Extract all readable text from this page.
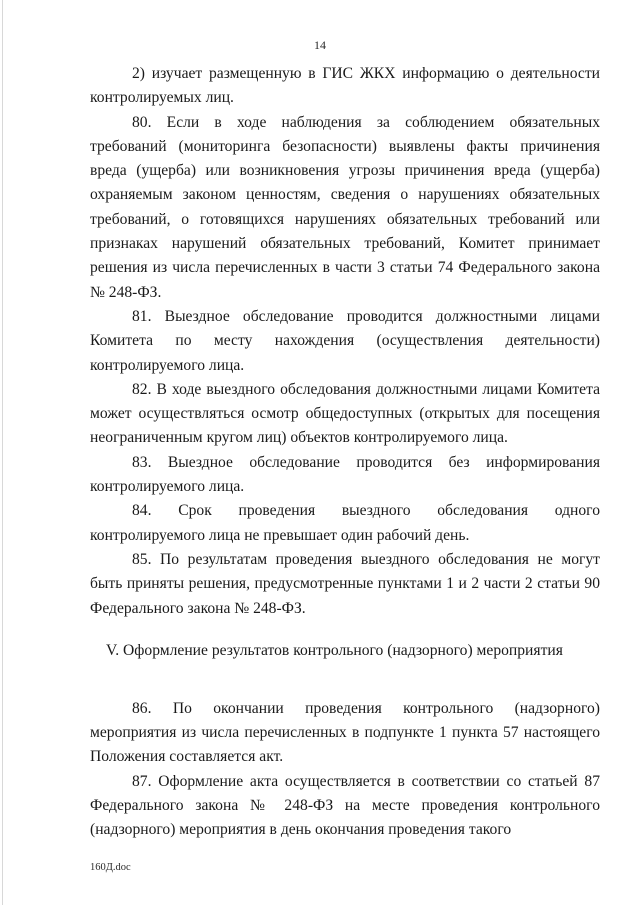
14

2) изучает размещенную в ГИС ЖКХ информацию о деятельности контролируемых лиц.

80. Если в ходе наблюдения за соблюдением обязательных требований (мониторинга безопасности) выявлены факты причинения вреда (ущерба) или возникновения угрозы причинения вреда (ущерба) охраняемым законом ценностям, сведения о нарушениях обязательных требований, о готовящихся нарушениях обязательных требований или признаках нарушений обязательных требований, Комитет принимает решения из числа перечисленных в части 3 статьи 74 Федерального закона № 248-ФЗ.

81. Выездное обследование проводится должностными лицами Комитета по месту нахождения (осуществления деятельности) контролируемого лица.

82. В ходе выездного обследования должностными лицами Комитета может осуществляться осмотр общедоступных (открытых для посещения неограниченным кругом лиц) объектов контролируемого лица.

83. Выездное обследование проводится без информирования контролируемого лица.

84. Срок проведения выездного обследования одного контролируемого лица не превышает один рабочий день.

85. По результатам проведения выездного обследования не могут быть приняты решения, предусмотренные пунктами 1 и 2 части 2 статьи 90 Федерального закона № 248-ФЗ.

V. Оформление результатов контрольного (надзорного) мероприятия

86. По окончании проведения контрольного (надзорного) мероприятия из числа перечисленных в подпункте 1 пункта 57 настоящего Положения составляется акт.

87. Оформление акта осуществляется в соответствии со статьей 87 Федерального закона № 248-ФЗ на месте проведения контрольного (надзорного) мероприятия в день окончания проведения такого

160Д.doc
